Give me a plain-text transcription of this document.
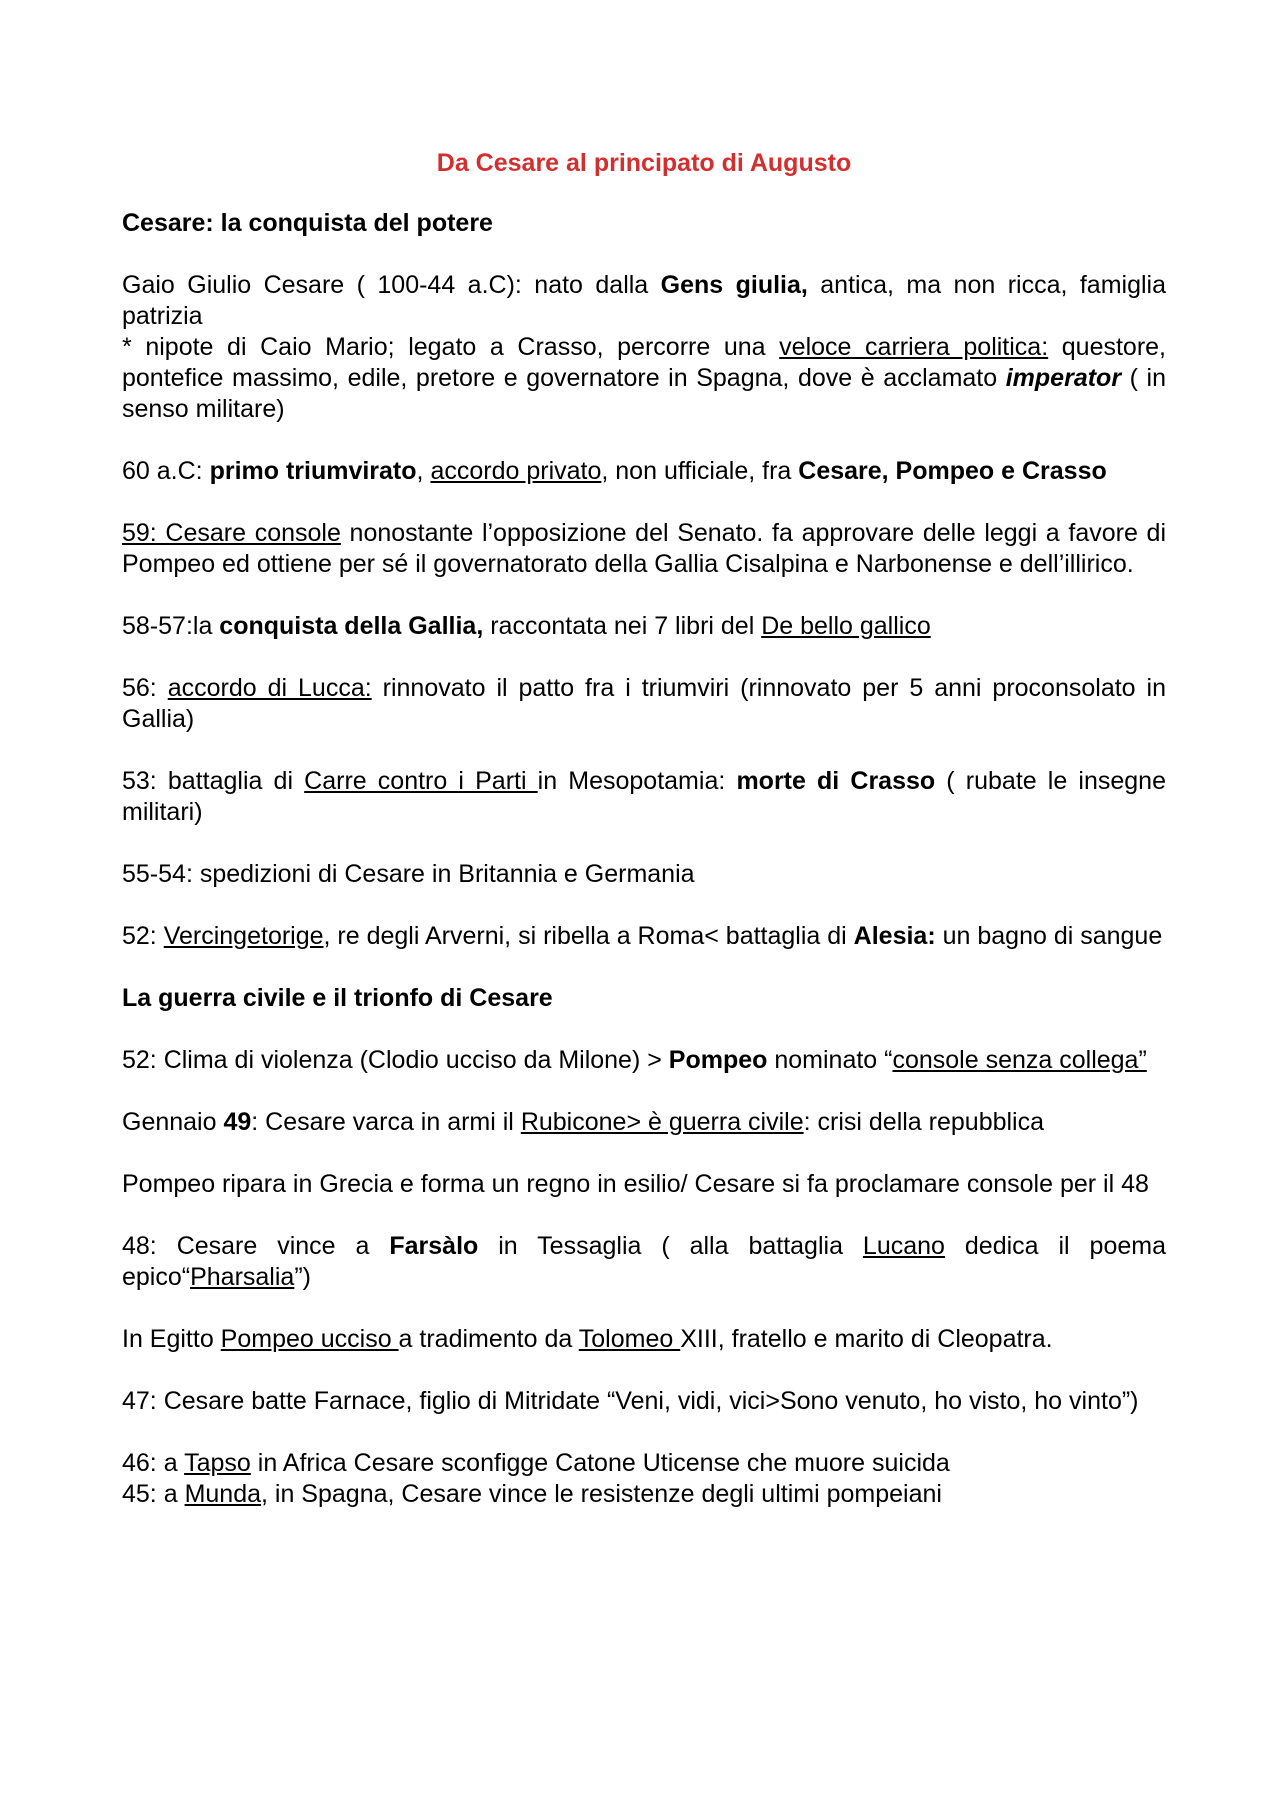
Da Cesare al principato di Augusto
Cesare: la conquista del potere

Gaio Giulio Cesare ( 100-44 a.C): nato dalla Gens giulia, antica, ma non ricca, famiglia patrizia
* nipote di Caio Mario; legato a Crasso, percorre una veloce carriera politica: questore, pontefice massimo, edile, pretore e governatore in Spagna, dove è acclamato imperator ( in senso militare)

60 a.C: primo triumvirato, accordo privato, non ufficiale, fra Cesare, Pompeo e Crasso

59: Cesare console nonostante l’opposizione del Senato. fa approvare delle leggi a favore di Pompeo ed ottiene per sé il governatorato della Gallia Cisalpina e Narbonense e dell’illirico.

58-57:la conquista della Gallia, raccontata nei 7 libri del De bello gallico

56: accordo di Lucca: rinnovato il patto fra i triumviri (rinnovato per 5 anni proconsolato in Gallia)

53: battaglia di Carre contro i Parti in Mesopotamia: morte di Crasso ( rubate le insegne militari)

55-54: spedizioni di Cesare in Britannia e Germania

52: Vercingetorige, re degli Arverni, si ribella a Roma< battaglia di Alesia: un bagno di sangue

La guerra civile e il trionfo di Cesare

52: Clima di violenza (Clodio ucciso da Milone) > Pompeo nominato “console senza collega”

Gennaio 49: Cesare varca in armi il Rubicone> è guerra civile: crisi della repubblica

Pompeo ripara in Grecia e forma un regno in esilio/ Cesare si fa proclamare console per il 48

48: Cesare vince a Farsàlo in Tessaglia ( alla battaglia Lucano dedica il poema epico“Pharsalia”)

In Egitto Pompeo ucciso a tradimento da Tolomeo XIII, fratello e marito di Cleopatra.

47: Cesare batte Farnace, figlio di Mitridate “Veni, vidi, vici>Sono venuto, ho visto, ho vinto”)

46: a Tapso in Africa Cesare sconfigge Catone Uticense che muore suicida

45: a Munda, in Spagna, Cesare vince le resistenze degli ultimi pompeiani
